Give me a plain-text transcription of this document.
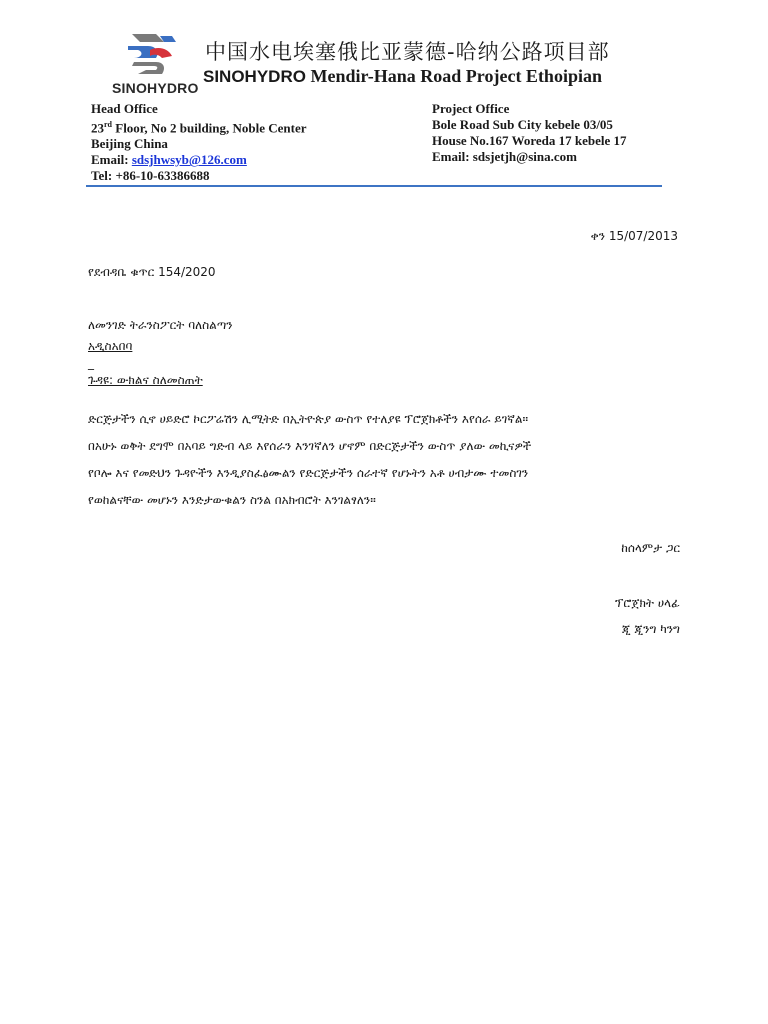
SINOHYDRO
中国水电埃塞俄比亚蒙德-哈纳公路项目部
SINOHYDRO Mendir-Hana Road Project Ethoipian
Head Office
23rd Floor, No 2 building, Noble Center
Beijing China
Email: sdsjhwsyb@126.com
Tel: +86-10-63386688
Project Office
Bole Road Sub City kebele 03/05
House No.167 Woreda 17 kebele 17
Email: sdsjetjh@sina.com
ቀን 15/07/2013
የደብዳቤ ቁጥር 154/2020
ለመንገድ ትራንስፖርት ባለስልጣን
አዲስአበባ
_
ጉዳዩ: ውክልና ስለመስጠት
ድርጅታችን ሲኖ ሀይድሮ ኮርፖሬሽን ሊሚትድ በኢትዮጵያ ውስጥ የተለያዩ ፕሮጀክቶችን እየሰራ ይገኛል።
በአሁኑ ወቅት ደግሞ በአባይ ግድብ ላይ እየሰራን እንገኛለን ሆኖም በድርጅታችን ውስጥ ያለው መኪናዎች
የቦሎ እና የመድህን ጉዳዮችን እንዲያስፈፅሙልን የድርጅታችን ሰራተኛ የሆኑትን አቶ ሀብታሙ ተመስገን
የወከልናቸው መሆኑን እንድታውቁልን ስንል በአክብሮት እንገልፃለን።
ከሰላምታ ጋር
ፕሮጀክት ሀላፊ
ጂ ጂንግ ካንግ
